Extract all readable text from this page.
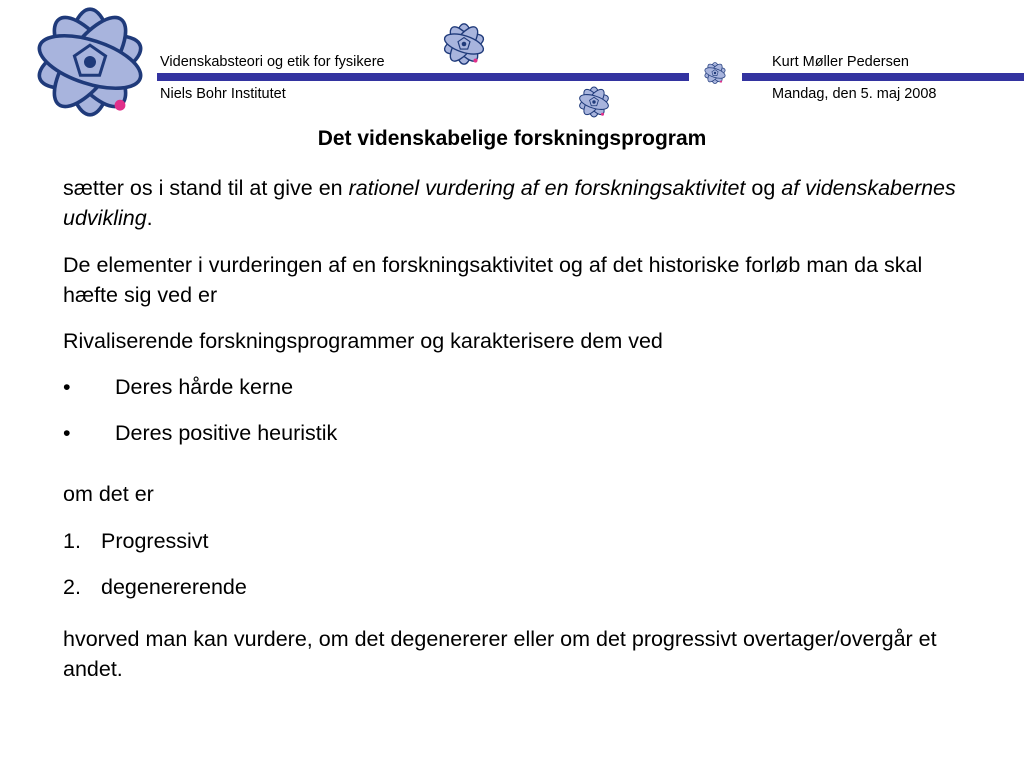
Videnskabsteori og etik for fysikere
Niels Bohr Institutet
Kurt Møller Pedersen
Mandag, den 5. maj 2008
Det videnskabelige forskningsprogram

sætter os i stand til at give en rationel vurdering af en forskningsaktivitet og af videnskabernes udvikling.

De elementer i vurderingen af en forskningsaktivitet og af det historiske forløb man da skal hæfte sig ved er

Rivaliserende forskningsprogrammer og karakterisere dem ved

• Deres hårde kerne

• Deres positive heuristik

om det er

1. Progressivt

2. degenererende

hvorved man kan vurdere, om det degenererer eller om det progressivt overtager/overgår et andet.
